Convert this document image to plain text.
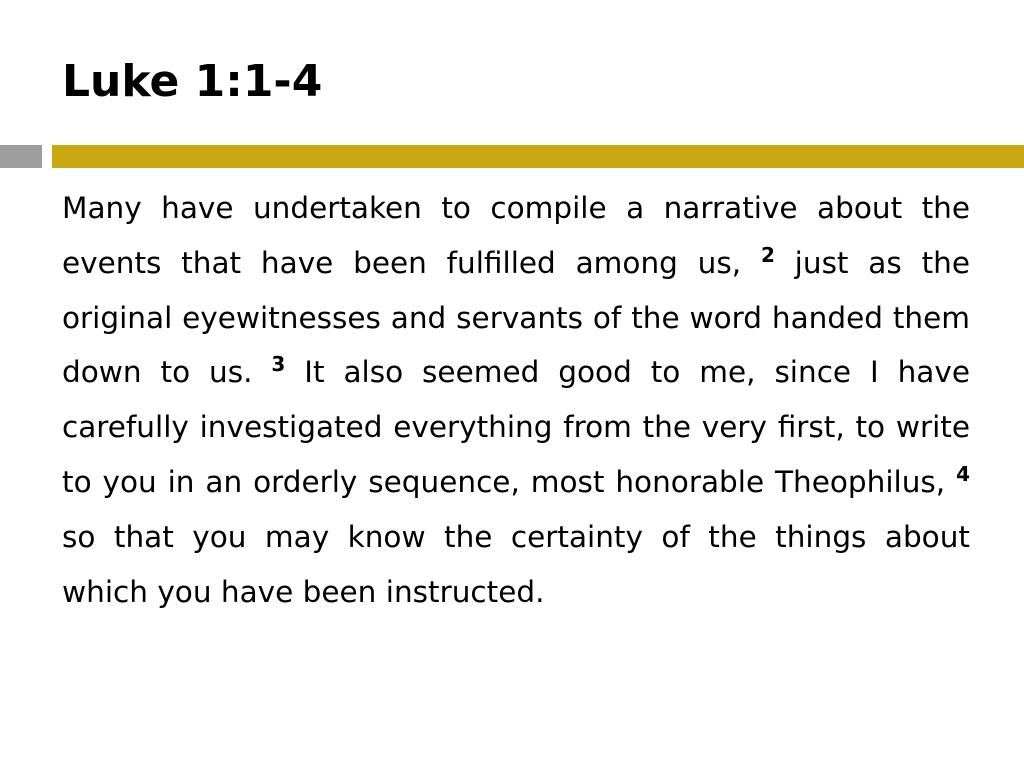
Luke 1:1-4

Many have undertaken to compile a narrative about the events that have been fulfilled among us, $^2$ just as the original eyewitnesses and servants of the word handed them down to us. $^3$ It also seemed good to me, since I have carefully investigated everything from the very first, to write to you in an orderly sequence, most honorable Theophilus, $^4$ so that you may know the certainty of the things about which you have been instructed.
